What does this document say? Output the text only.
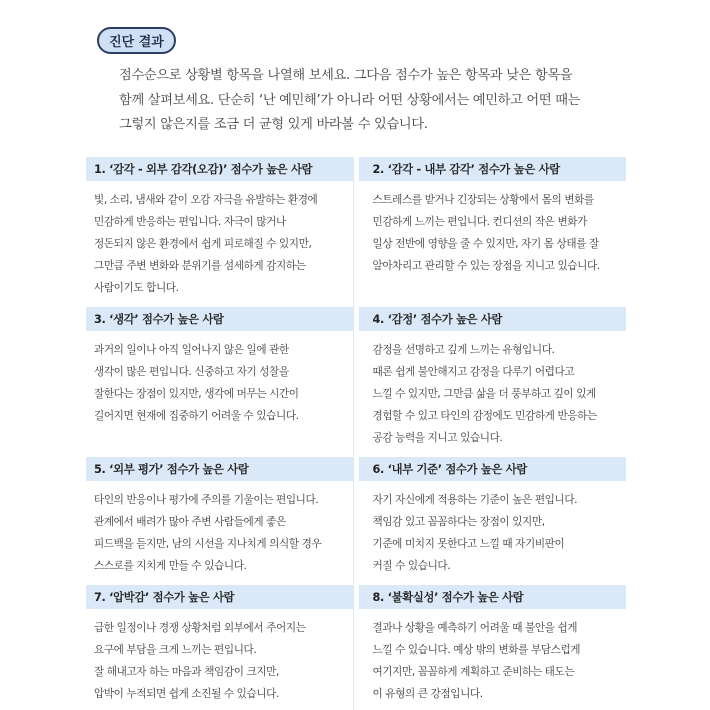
진단 결과

점수순으로 상황별 항목을 나열해 보세요. 그다음 점수가 높은 항목과 낮은 항목을

함께 살펴보세요. 단순히 ‘난 예민해’가 아니라 어떤 상황에서는 예민하고 어떤 때는

그렇지 않은지를 조금 더 균형 있게 바라볼 수 있습니다.

1. ‘감각 - 외부 감각(오감)’ 점수가 높은 사람

빛, 소리, 냄새와 같이 오감 자극을 유발하는 환경에

민감하게 반응하는 편입니다. 자극이 많거나

정돈되지 않은 환경에서 쉽게 피로해질 수 있지만,

그만큼 주변 변화와 분위기를 섬세하게 감지하는

사람이기도 합니다.

2. ‘감각 - 내부 감각’ 점수가 높은 사람

스트레스를 받거나 긴장되는 상황에서 몸의 변화를

민감하게 느끼는 편입니다. 컨디션의 작은 변화가

일상 전반에 영향을 줄 수 있지만, 자기 몸 상태를 잘

알아차리고 관리할 수 있는 장점을 지니고 있습니다.

3. ‘생각’ 점수가 높은 사람

과거의 일이나 아직 일어나지 않은 일에 관한

생각이 많은 편입니다. 신중하고 자기 성찰을

잘한다는 장점이 있지만, 생각에 머무는 시간이

길어지면 현재에 집중하기 어려울 수 있습니다.

4. ‘감정’ 점수가 높은 사람

감정을 선명하고 깊게 느끼는 유형입니다.

때론 쉽게 불안해지고 감정을 다루기 어렵다고

느낄 수 있지만, 그만큼 삶을 더 풍부하고 깊이 있게

경험할 수 있고 타인의 감정에도 민감하게 반응하는

공감 능력을 지니고 있습니다.

5. ‘외부 평가’ 점수가 높은 사람

타인의 반응이나 평가에 주의를 기울이는 편입니다.

관계에서 배려가 많아 주변 사람들에게 좋은

피드백을 듣지만, 남의 시선을 지나치게 의식할 경우

스스로를 지치게 만들 수 있습니다.

6. ‘내부 기준’ 점수가 높은 사람

자기 자신에게 적용하는 기준이 높은 편입니다.

책임감 있고 꼼꼼하다는 장점이 있지만,

기준에 미치지 못한다고 느낄 때 자기비판이

커질 수 있습니다.

7. ‘압박감’ 점수가 높은 사람

급한 일정이나 경쟁 상황처럼 외부에서 주어지는

요구에 부담을 크게 느끼는 편입니다.

잘 해내고자 하는 마음과 책임감이 크지만,

압박이 누적되면 쉽게 소진될 수 있습니다.

8. ‘불확실성’ 점수가 높은 사람

결과나 상황을 예측하기 어려울 때 불안을 쉽게

느낄 수 있습니다. 예상 밖의 변화를 부담스럽게

여기지만, 꼼꼼하게 계획하고 준비하는 태도는

이 유형의 큰 강점입니다.
